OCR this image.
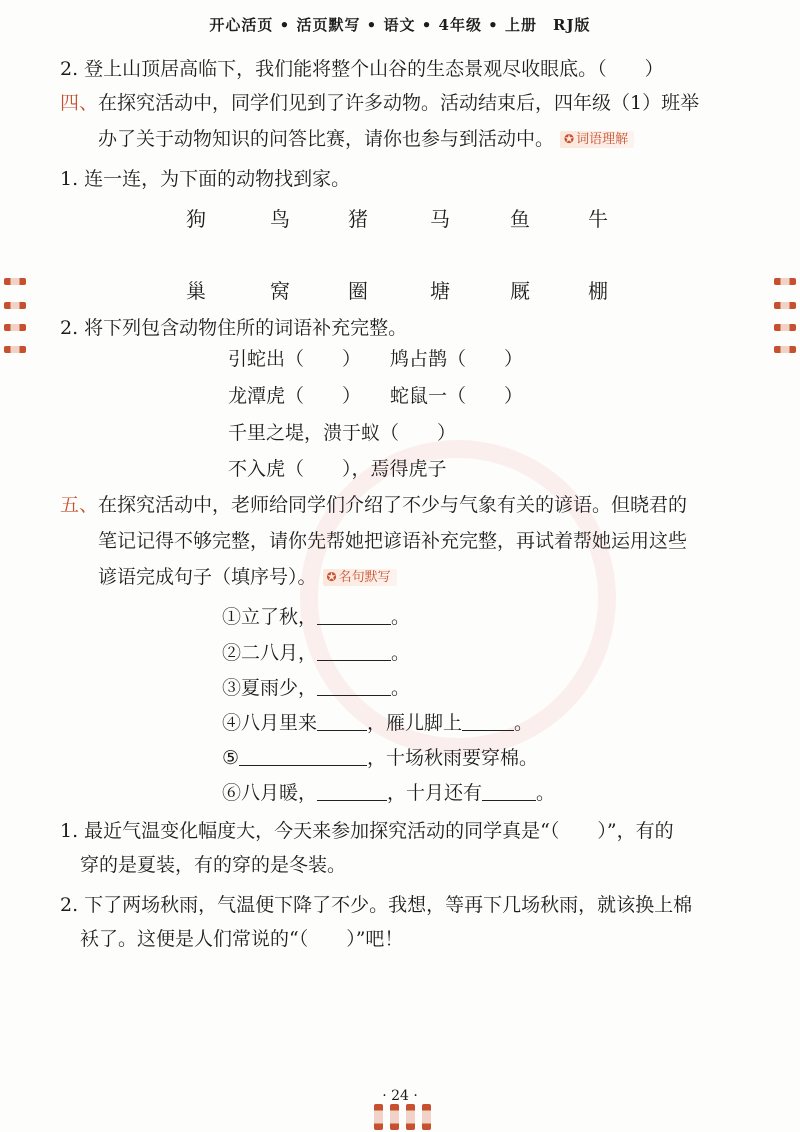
开心活页 • 活页默写 • 语文 • 4年级 • 上册　RJ版
2. 登上山顶居高临下，我们能将整个山谷的生态景观尽收眼底。（　　）
四、在探究活动中，同学们见到了许多动物。活动结束后，四年级（1）班举
办了关于动物知识的问答比赛，请你也参与到活动中。 ✪ 词语理解
1. 连一连，为下面的动物找到家。
狗	鸟	猪	马	鱼	牛
巢	窝	圈	塘	厩	棚
2. 将下列包含动物住所的词语补充完整。
引蛇出（　　） 鸠占鹊（　　）
龙潭虎（　　） 蛇鼠一（　　）
千里之堤，溃于蚁（　　）
不入虎（　　），焉得虎子
五、在探究活动中，老师给同学们介绍了不少与气象有关的谚语。但晓君的
笔记记得不够完整，请你先帮她把谚语补充完整，再试着帮她运用这些
谚语完成句子（填序号）。 ✪ 名句默写
①立了秋，	。
②二八月，	。
③夏雨少，	。
④八月里来	，雁儿脚上	。
⑤	，十场秋雨要穿棉。
⑥八月暖，	，十月还有	。
1. 最近气温变化幅度大，今天来参加探究活动的同学真是“（　　）”，有的
穿的是夏装，有的穿的是冬装。
2. 下了两场秋雨，气温便下降了不少。我想，等再下几场秋雨，就该换上棉
袄了。这便是人们常说的“（　　）”吧！
· 24 ·
